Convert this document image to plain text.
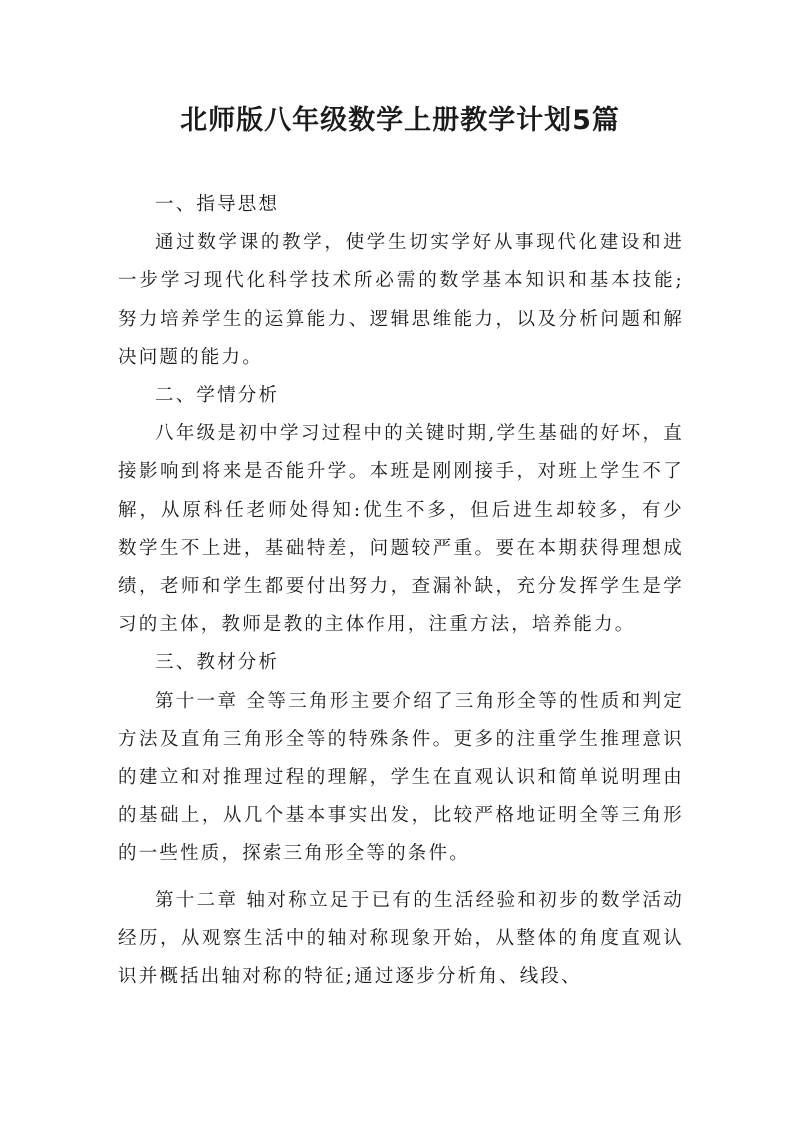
北师版八年级数学上册教学计划5篇

一、指导思想

通过数学课的教学，使学生切实学好从事现代化建设和进一步学习现代化科学技术所必需的数学基本知识和基本技能;努力培养学生的运算能力、逻辑思维能力，以及分析问题和解决问题的能力。

二、学情分析

八年级是初中学习过程中的关键时期,学生基础的好坏，直接影响到将来是否能升学。本班是刚刚接手，对班上学生不了解，从原科任老师处得知:优生不多，但后进生却较多，有少数学生不上进，基础特差，问题较严重。要在本期获得理想成绩，老师和学生都要付出努力，查漏补缺，充分发挥学生是学习的主体，教师是教的主体作用，注重方法，培养能力。

三、教材分析

第十一章 全等三角形主要介绍了三角形全等的性质和判定方法及直角三角形全等的特殊条件。更多的注重学生推理意识的建立和对推理过程的理解，学生在直观认识和简单说明理由的基础上，从几个基本事实出发，比较严格地证明全等三角形的一些性质，探索三角形全等的条件。

第十二章 轴对称立足于已有的生活经验和初步的数学活动经历，从观察生活中的轴对称现象开始，从整体的角度直观认识并概括出轴对称的特征;通过逐步分析角、线段、
